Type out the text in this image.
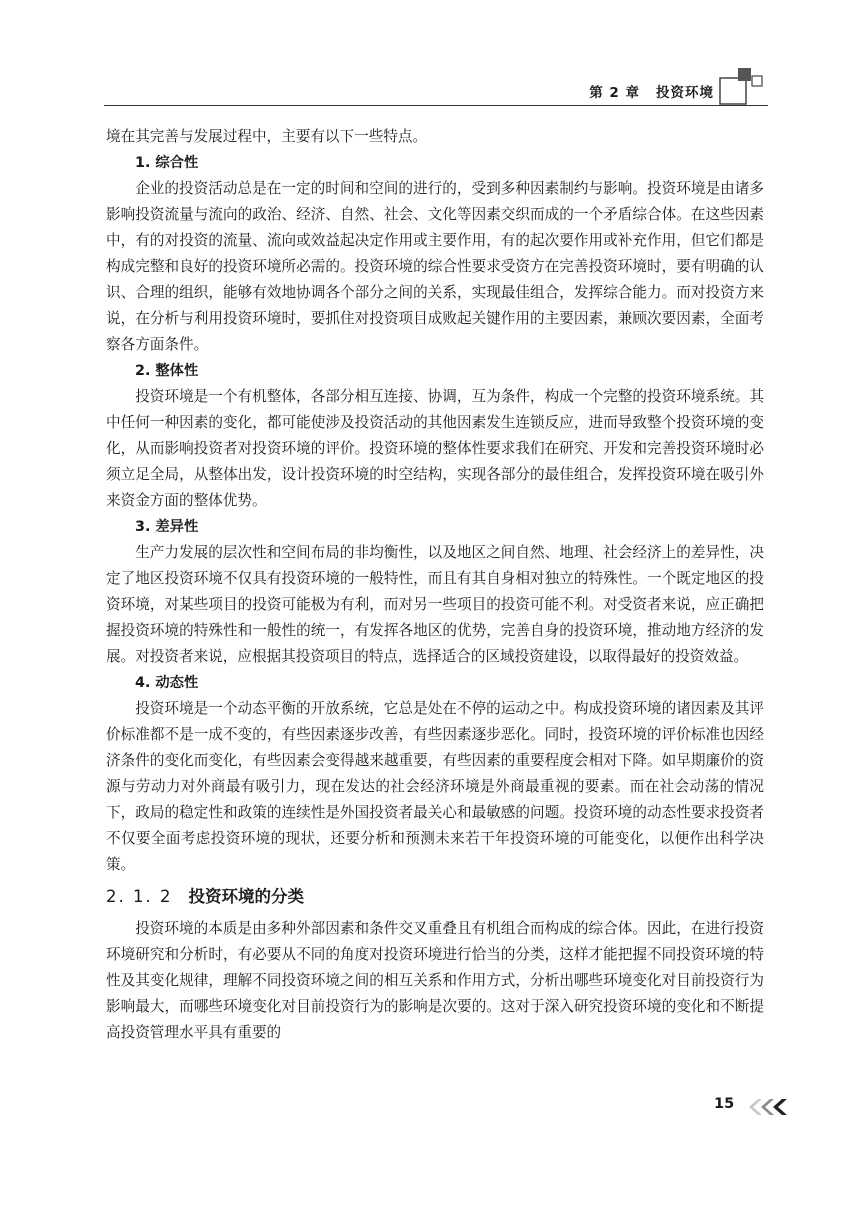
第 2 章 投资环境

境在其完善与发展过程中，主要有以下一些特点。

1. 综合性

企业的投资活动总是在一定的时间和空间的进行的，受到多种因素制约与影响。投资环境是由诸多影响投资流量与流向的政治、经济、自然、社会、文化等因素交织而成的一个矛盾综合体。在这些因素中，有的对投资的流量、流向或效益起决定作用或主要作用，有的起次要作用或补充作用，但它们都是构成完整和良好的投资环境所必需的。投资环境的综合性要求受资方在完善投资环境时，要有明确的认识、合理的组织，能够有效地协调各个部分之间的关系，实现最佳组合，发挥综合能力。而对投资方来说，在分析与利用投资环境时，要抓住对投资项目成败起关键作用的主要因素，兼顾次要因素，全面考察各方面条件。

2. 整体性

投资环境是一个有机整体，各部分相互连接、协调，互为条件，构成一个完整的投资环境系统。其中任何一种因素的变化，都可能使涉及投资活动的其他因素发生连锁反应，进而导致整个投资环境的变化，从而影响投资者对投资环境的评价。投资环境的整体性要求我们在研究、开发和完善投资环境时必须立足全局，从整体出发，设计投资环境的时空结构，实现各部分的最佳组合，发挥投资环境在吸引外来资金方面的整体优势。

3. 差异性

生产力发展的层次性和空间布局的非均衡性，以及地区之间自然、地理、社会经济上的差异性，决定了地区投资环境不仅具有投资环境的一般特性，而且有其自身相对独立的特殊性。一个既定地区的投资环境，对某些项目的投资可能极为有利，而对另一些项目的投资可能不利。对受资者来说，应正确把握投资环境的特殊性和一般性的统一，有发挥各地区的优势，完善自身的投资环境，推动地方经济的发展。对投资者来说，应根据其投资项目的特点，选择适合的区域投资建设，以取得最好的投资效益。

4. 动态性

投资环境是一个动态平衡的开放系统，它总是处在不停的运动之中。构成投资环境的诸因素及其评价标准都不是一成不变的，有些因素逐步改善，有些因素逐步恶化。同时，投资环境的评价标准也因经济条件的变化而变化，有些因素会变得越来越重要，有些因素的重要程度会相对下降。如早期廉价的资源与劳动力对外商最有吸引力，现在发达的社会经济环境是外商最重视的要素。而在社会动荡的情况下，政局的稳定性和政策的连续性是外国投资者最关心和最敏感的问题。投资环境的动态性要求投资者不仅要全面考虑投资环境的现状，还要分析和预测未来若干年投资环境的可能变化，以便作出科学决策。

2. 1. 2 投资环境的分类

投资环境的本质是由多种外部因素和条件交叉重叠且有机组合而构成的综合体。因此，在进行投资环境研究和分析时，有必要从不同的角度对投资环境进行恰当的分类，这样才能把握不同投资环境的特性及其变化规律，理解不同投资环境之间的相互关系和作用方式，分析出哪些环境变化对目前投资行为影响最大，而哪些环境变化对目前投资行为的影响是次要的。这对于深入研究投资环境的变化和不断提高投资管理水平具有重要的

15
